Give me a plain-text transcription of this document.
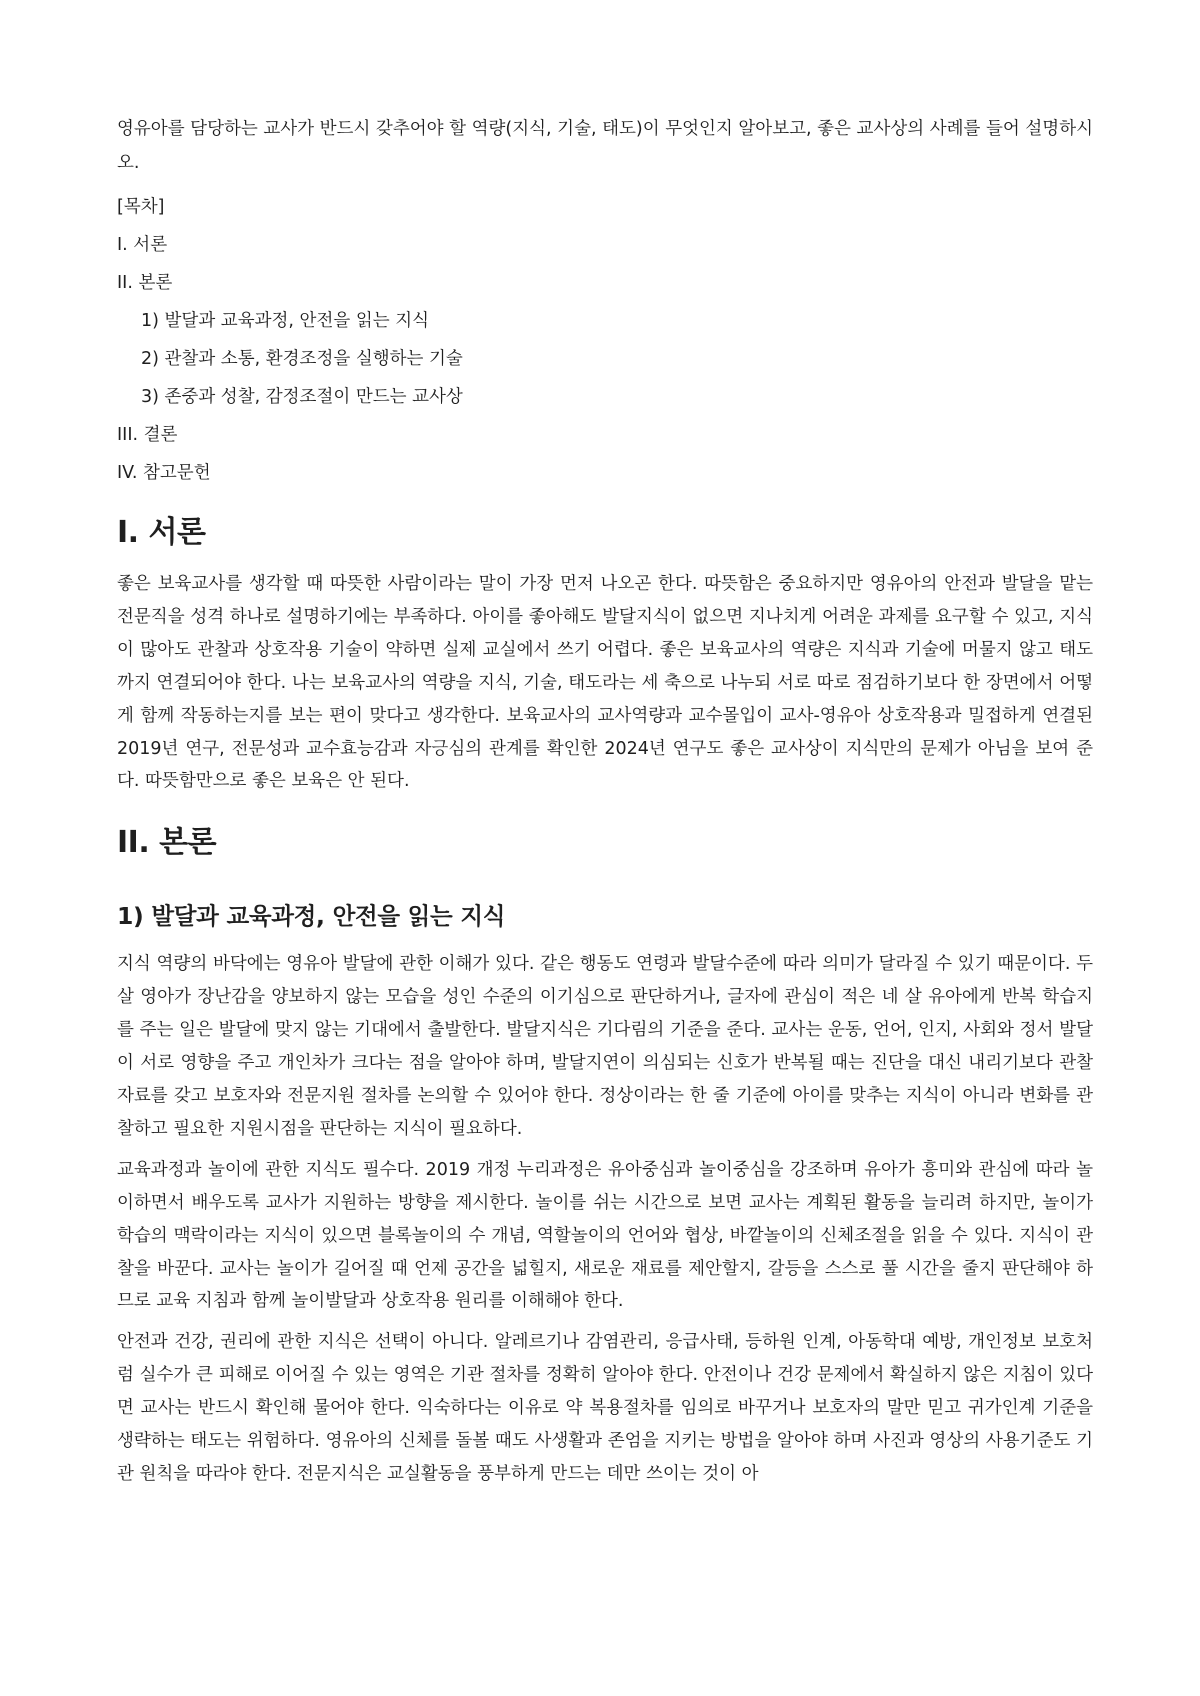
영유아를 담당하는 교사가 반드시 갖추어야 할 역량(지식, 기술, 태도)이 무엇인지 알아보고, 좋은 교사상의 사례를 들어 설명하시오.

[목차]

I. 서론

II. 본론

1) 발달과 교육과정, 안전을 읽는 지식

2) 관찰과 소통, 환경조정을 실행하는 기술

3) 존중과 성찰, 감정조절이 만드는 교사상

III. 결론

IV. 참고문헌

I. 서론

좋은 보육교사를 생각할 때 따뜻한 사람이라는 말이 가장 먼저 나오곤 한다. 따뜻함은 중요하지만 영유아의 안전과 발달을 맡는 전문직을 성격 하나로 설명하기에는 부족하다. 아이를 좋아해도 발달지식이 없으면 지나치게 어려운 과제를 요구할 수 있고, 지식이 많아도 관찰과 상호작용 기술이 약하면 실제 교실에서 쓰기 어렵다. 좋은 보육교사의 역량은 지식과 기술에 머물지 않고 태도까지 연결되어야 한다. 나는 보육교사의 역량을 지식, 기술, 태도라는 세 축으로 나누되 서로 따로 점검하기보다 한 장면에서 어떻게 함께 작동하는지를 보는 편이 맞다고 생각한다. 보육교사의 교사역량과 교수몰입이 교사-영유아 상호작용과 밀접하게 연결된 2019년 연구, 전문성과 교수효능감과 자긍심의 관계를 확인한 2024년 연구도 좋은 교사상이 지식만의 문제가 아님을 보여 준다. 따뜻함만으로 좋은 보육은 안 된다.

II. 본론
1) 발달과 교육과정, 안전을 읽는 지식

지식 역량의 바닥에는 영유아 발달에 관한 이해가 있다. 같은 행동도 연령과 발달수준에 따라 의미가 달라질 수 있기 때문이다. 두 살 영아가 장난감을 양보하지 않는 모습을 성인 수준의 이기심으로 판단하거나, 글자에 관심이 적은 네 살 유아에게 반복 학습지를 주는 일은 발달에 맞지 않는 기대에서 출발한다. 발달지식은 기다림의 기준을 준다. 교사는 운동, 언어, 인지, 사회와 정서 발달이 서로 영향을 주고 개인차가 크다는 점을 알아야 하며, 발달지연이 의심되는 신호가 반복될 때는 진단을 대신 내리기보다 관찰자료를 갖고 보호자와 전문지원 절차를 논의할 수 있어야 한다. 정상이라는 한 줄 기준에 아이를 맞추는 지식이 아니라 변화를 관찰하고 필요한 지원시점을 판단하는 지식이 필요하다.

교육과정과 놀이에 관한 지식도 필수다. 2019 개정 누리과정은 유아중심과 놀이중심을 강조하며 유아가 흥미와 관심에 따라 놀이하면서 배우도록 교사가 지원하는 방향을 제시한다. 놀이를 쉬는 시간으로 보면 교사는 계획된 활동을 늘리려 하지만, 놀이가 학습의 맥락이라는 지식이 있으면 블록놀이의 수 개념, 역할놀이의 언어와 협상, 바깥놀이의 신체조절을 읽을 수 있다. 지식이 관찰을 바꾼다. 교사는 놀이가 길어질 때 언제 공간을 넓힐지, 새로운 재료를 제안할지, 갈등을 스스로 풀 시간을 줄지 판단해야 하므로 교육 지침과 함께 놀이발달과 상호작용 원리를 이해해야 한다.

안전과 건강, 권리에 관한 지식은 선택이 아니다. 알레르기나 감염관리, 응급사태, 등하원 인계, 아동학대 예방, 개인정보 보호처럼 실수가 큰 피해로 이어질 수 있는 영역은 기관 절차를 정확히 알아야 한다. 안전이나 건강 문제에서 확실하지 않은 지침이 있다면 교사는 반드시 확인해 물어야 한다. 익숙하다는 이유로 약 복용절차를 임의로 바꾸거나 보호자의 말만 믿고 귀가인계 기준을 생략하는 태도는 위험하다. 영유아의 신체를 돌볼 때도 사생활과 존엄을 지키는 방법을 알아야 하며 사진과 영상의 사용기준도 기관 원칙을 따라야 한다. 전문지식은 교실활동을 풍부하게 만드는 데만 쓰이는 것이 아
